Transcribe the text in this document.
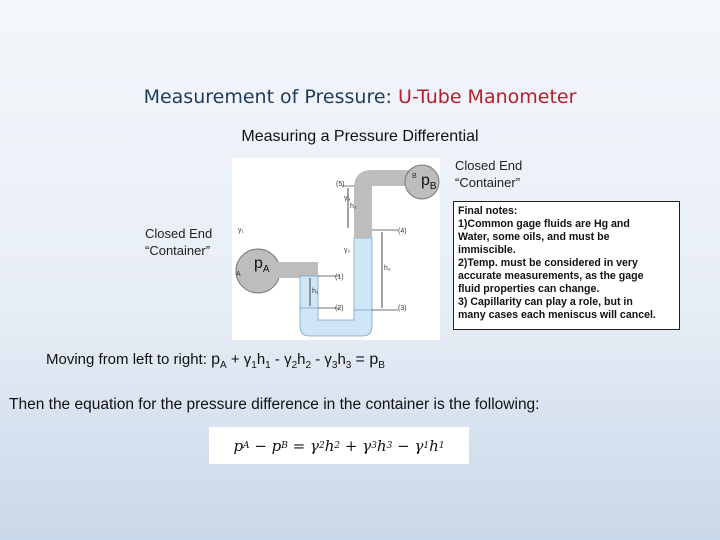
Measurement of Pressure: U-Tube Manometer
Measuring a Pressure Differential
Closed End
“Container”
Closed End
“Container”
(5)
(4)
(1)
(2)	(3)
h₁
h₂
h₃
γ₁
γ₂
γ₃
A
B
$p_A$
$p_B$
Final notes:
1)Common gage fluids are Hg and
Water, some oils, and must be
immiscible.
2)Temp. must be considered in very
accurate measurements, as the gage
fluid properties can change.
3) Capillarity can play a role, but in
many cases each meniscus will cancel.
Moving from left to right: $p_A + \gamma_1h_1 - \gamma_2h_2 - \gamma_3h_3 = p_B$
Then the equation for the pressure difference in the container is the following:
p A − p B = γ 2 h 2 + γ 3 h 3 − γ 1 h 1
